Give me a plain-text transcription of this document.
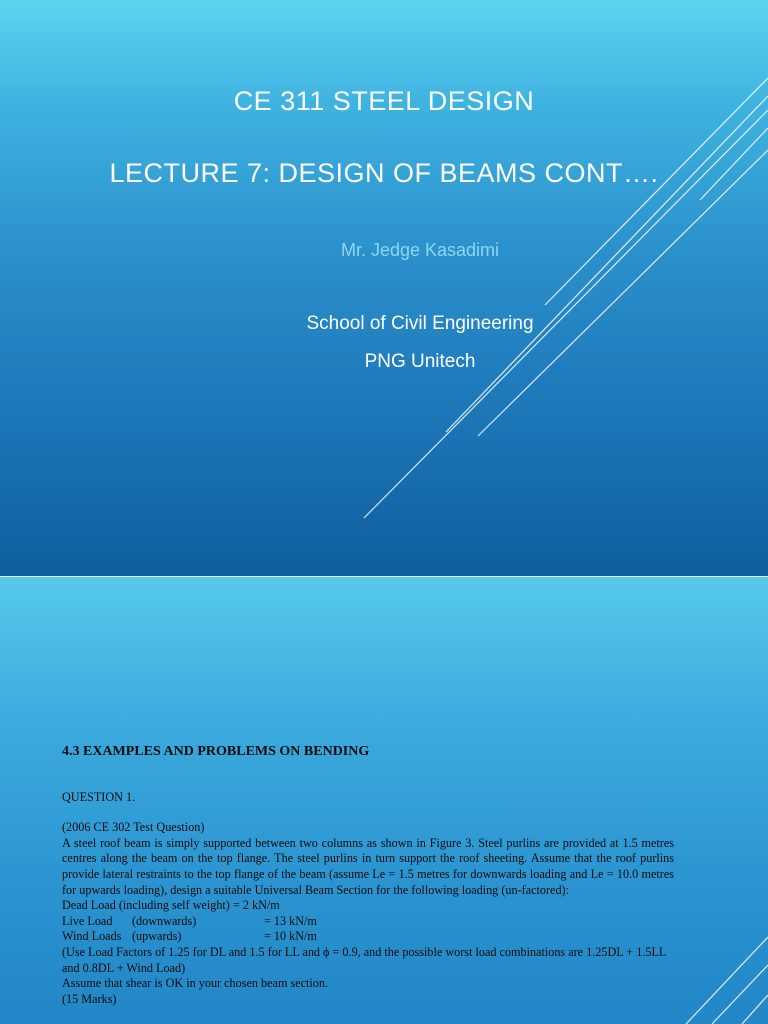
CE 311 STEEL DESIGN
LECTURE 7: DESIGN OF BEAMS CONT….
Mr. Jedge Kasadimi
School of Civil Engineering
PNG Unitech
4.3 EXAMPLES AND PROBLEMS ON BENDING
QUESTION 1.
(2006 CE 302 Test Question)
A steel roof beam is simply supported between two columns as shown in Figure 3. Steel purlins are provided at 1.5 metres centres along the beam on the top flange. The steel purlins in turn support the roof sheeting. Assume that the roof purlins provide lateral restraints to the top flange of the beam (assume Le = 1.5 metres for downwards loading and Le = 10.0 metres for upwards loading), design a suitable Universal Beam Section for the following loading (un-factored):
Dead Load (including self weight) = 2 kN/m
Live Load	(downwards)	= 13 kN/m
Wind Loads (upwards)	= 10 kN/m
(Use Load Factors of 1.25 for DL and 1.5 for LL and ϕ = 0.9, and the possible worst load combinations are 1.25DL + 1.5LL and 0.8DL + Wind Load)
Assume that shear is OK in your chosen beam section.
(15 Marks)
